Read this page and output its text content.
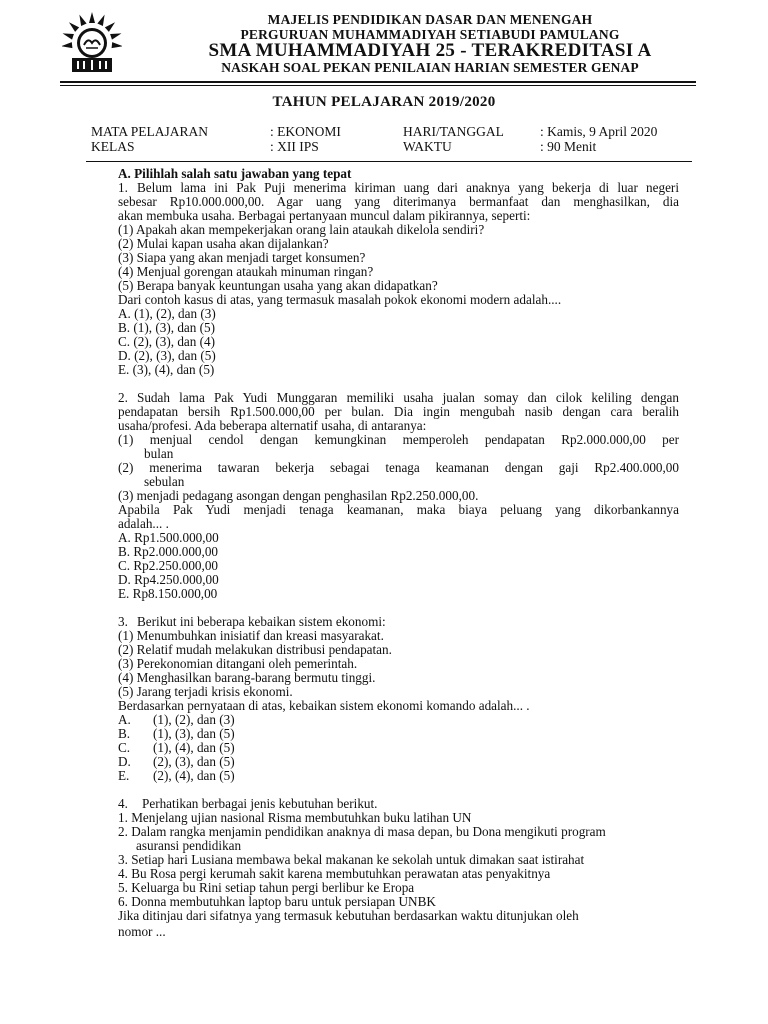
MAJELIS PENDIDIKAN DASAR DAN MENENGAH
PERGURUAN MUHAMMADIYAH SETIABUDI PAMULANG
SMA MUHAMMADIYAH 25 - TERAKREDITASI A
NASKAH SOAL PEKAN PENILAIAN HARIAN SEMESTER GENAP
TAHUN PELAJARAN 2019/2020
MATA PELAJARAN	: EKONOMI	HARI/TANGGAL	: Kamis, 9 April 2020
KELAS	: XII IPS	WAKTU	: 90 Menit
A. Pilihlah salah satu jawaban yang tepat
1. Belum lama ini Pak Puji menerima kiriman uang dari anaknya yang bekerja di luar negeri
sebesar Rp10.000.000,00. Agar uang yang diterimanya bermanfaat dan menghasilkan, dia
akan membuka usaha. Berbagai pertanyaan muncul dalam pikirannya, seperti:
(1) Apakah akan mempekerjakan orang lain ataukah dikelola sendiri?
(2) Mulai kapan usaha akan dijalankan?
(3) Siapa yang akan menjadi target konsumen?
(4) Menjual gorengan ataukah minuman ringan?
(5) Berapa banyak keuntungan usaha yang akan didapatkan?
Dari contoh kasus di atas, yang termasuk masalah pokok ekonomi modern adalah....
A. (1), (2), dan (3)
B. (1), (3), dan (5)
C. (2), (3), dan (4)
D. (2), (3), dan (5)
E. (3), (4), dan (5)
2. Sudah lama Pak Yudi Munggaran memiliki usaha jualan somay dan cilok keliling dengan
pendapatan bersih Rp1.500.000,00 per bulan. Dia ingin mengubah nasib dengan cara beralih
usaha/profesi. Ada beberapa alternatif usaha, di antaranya:
(1) menjual cendol dengan kemungkinan memperoleh pendapatan Rp2.000.000,00 per
bulan
(2) menerima tawaran bekerja sebagai tenaga keamanan dengan gaji Rp2.400.000,00
sebulan
(3) menjadi pedagang asongan dengan penghasilan Rp2.250.000,00.
Apabila Pak Yudi menjadi tenaga keamanan, maka biaya peluang yang dikorbankannya
adalah... .
A. Rp1.500.000,00
B. Rp2.000.000,00
C. Rp2.250.000,00
D. Rp4.250.000,00
E. Rp8.150.000,00
3. Berikut ini beberapa kebaikan sistem ekonomi:
(1) Menumbuhkan inisiatif dan kreasi masyarakat.
(2) Relatif mudah melakukan distribusi pendapatan.
(3) Perekonomian ditangani oleh pemerintah.
(4) Menghasilkan barang-barang bermutu tinggi.
(5) Jarang terjadi krisis ekonomi.
Berdasarkan pernyataan di atas, kebaikan sistem ekonomi komando adalah... .
A. (1), (2), dan (3)
B. (1), (3), dan (5)
C. (1), (4), dan (5)
D. (2), (3), dan (5)
E. (2), (4), dan (5)
4. Perhatikan berbagai jenis kebutuhan berikut.
1. Menjelang ujian nasional Risma membutuhkan buku latihan UN
2. Dalam rangka menjamin pendidikan anaknya di masa depan, bu Dona mengikuti program
asuransi pendidikan
3. Setiap hari Lusiana membawa bekal makanan ke sekolah untuk dimakan saat istirahat
4. Bu Rosa pergi kerumah sakit karena membutuhkan perawatan atas penyakitnya
5. Keluarga bu Rini setiap tahun pergi berlibur ke Eropa
6. Donna membutuhkan laptop baru untuk persiapan UNBK
Jika ditinjau dari sifatnya yang termasuk kebutuhan berdasarkan waktu ditunjukan oleh
nomor ...
